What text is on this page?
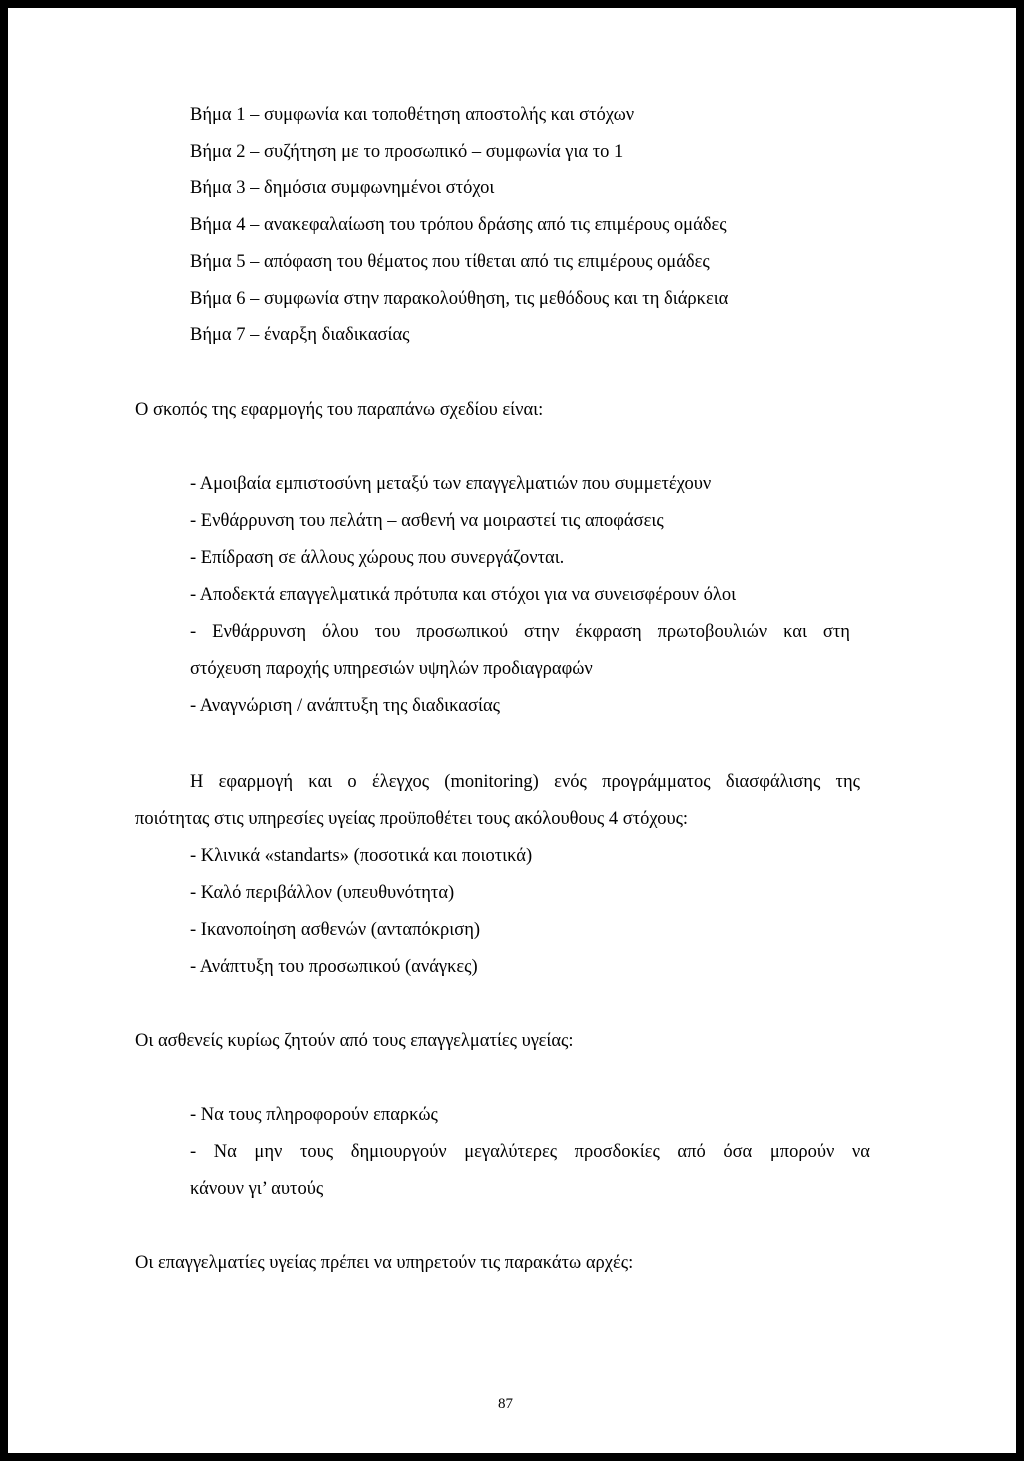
Βήμα 1 – συμφωνία και τοποθέτηση αποστολής και στόχων
Βήμα 2 – συζήτηση με το προσωπικό – συμφωνία για το 1
Βήμα 3 – δημόσια συμφωνημένοι στόχοι
Βήμα 4 – ανακεφαλαίωση του τρόπου δράσης από τις επιμέρους ομάδες
Βήμα 5 – απόφαση του θέματος που τίθεται από τις επιμέρους ομάδες
Βήμα 6 – συμφωνία στην παρακολούθηση, τις μεθόδους και τη διάρκεια
Βήμα 7 – έναρξη διαδικασίας
Ο σκοπός της εφαρμογής του παραπάνω σχεδίου είναι:
- Αμοιβαία εμπιστοσύνη μεταξύ των επαγγελματιών που συμμετέχουν
- Ενθάρρυνση του πελάτη – ασθενή να μοιραστεί τις αποφάσεις
- Επίδραση σε άλλους χώρους που συνεργάζονται.
- Αποδεκτά επαγγελματικά πρότυπα και στόχοι για να συνεισφέρουν όλοι
- Ενθάρρυνση όλου του προσωπικού στην έκφραση πρωτοβουλιών και στη
στόχευση παροχής υπηρεσιών υψηλών προδιαγραφών
- Αναγνώριση / ανάπτυξη της διαδικασίας
Η εφαρμογή και ο έλεγχος (monitoring) ενός προγράμματος διασφάλισης της
ποιότητας στις υπηρεσίες υγείας προϋποθέτει τους ακόλουθους 4 στόχους:
- Κλινικά «standarts» (ποσοτικά και ποιοτικά)
- Καλό περιβάλλον (υπευθυνότητα)
- Ικανοποίηση ασθενών (ανταπόκριση)
- Ανάπτυξη του προσωπικού (ανάγκες)
Οι ασθενείς κυρίως ζητούν από τους επαγγελματίες υγείας:
- Να τους πληροφορούν επαρκώς
- Να μην τους δημιουργούν μεγαλύτερες προσδοκίες από όσα μπορούν να
κάνουν γι’ αυτούς
Οι επαγγελματίες υγείας πρέπει να υπηρετούν τις παρακάτω αρχές:
87
